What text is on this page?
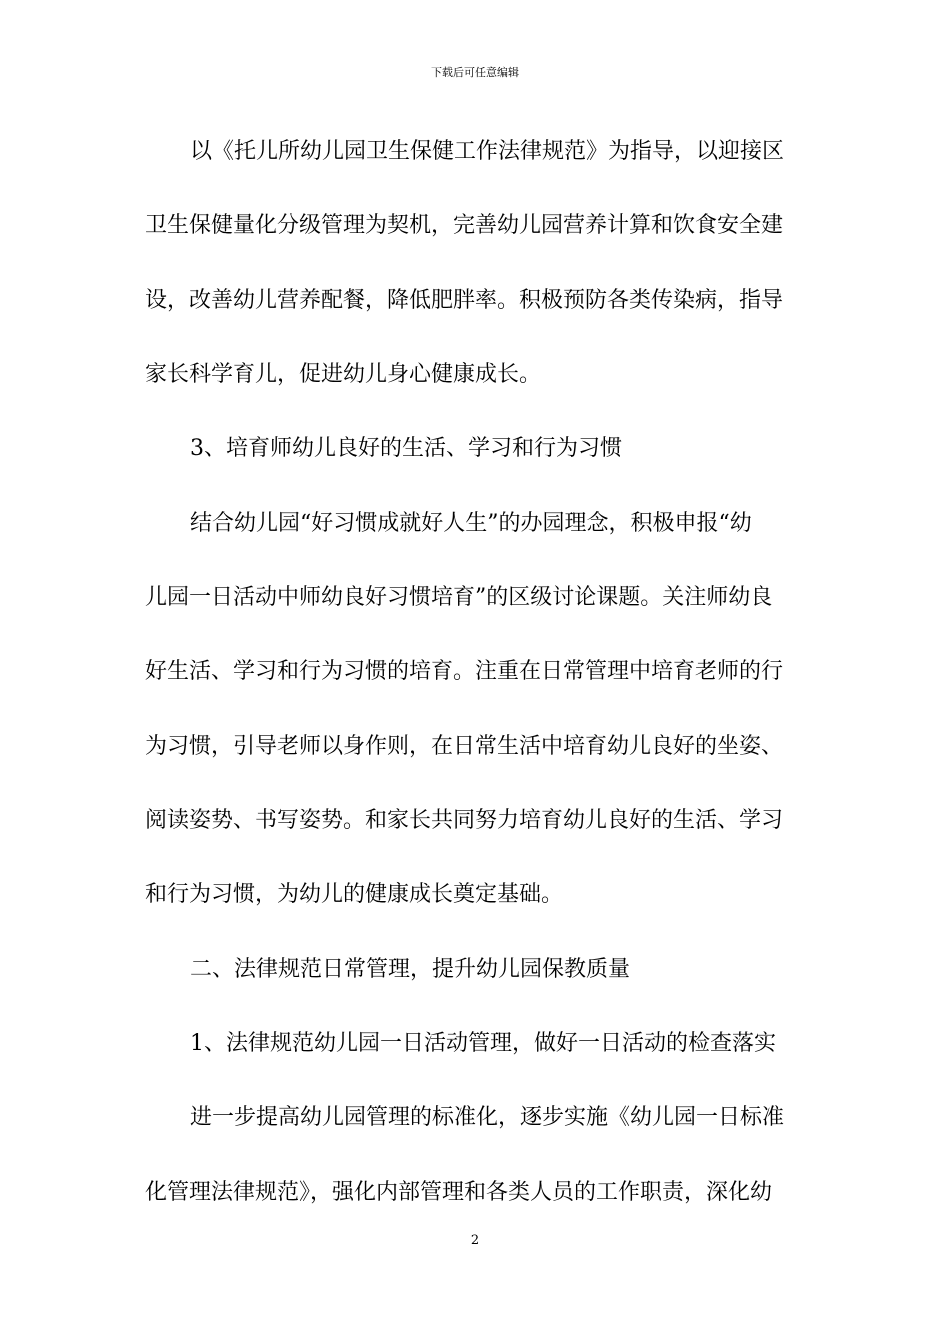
下载后可任意编辑
以《托儿所幼儿园卫生保健工作法律规范》为指导，以迎接区
卫生保健量化分级管理为契机，完善幼儿园营养计算和饮食安全建
设，改善幼儿营养配餐，降低肥胖率。积极预防各类传染病，指导
家长科学育儿，促进幼儿身心健康成长。
3、培育师幼儿良好的生活、学习和行为习惯
结合幼儿园“好习惯成就好人生”的办园理念，积极申报“幼
儿园一日活动中师幼良好习惯培育”的区级讨论课题。关注师幼良
好生活、学习和行为习惯的培育。注重在日常管理中培育老师的行
为习惯，引导老师以身作则，在日常生活中培育幼儿良好的坐姿、
阅读姿势、书写姿势。和家长共同努力培育幼儿良好的生活、学习
和行为习惯，为幼儿的健康成长奠定基础。
二、法律规范日常管理，提升幼儿园保教质量
1、法律规范幼儿园一日活动管理，做好一日活动的检查落实
进一步提高幼儿园管理的标准化，逐步实施《幼儿园一日标准
化管理法律规范》，强化内部管理和各类人员的工作职责，深化幼
2
